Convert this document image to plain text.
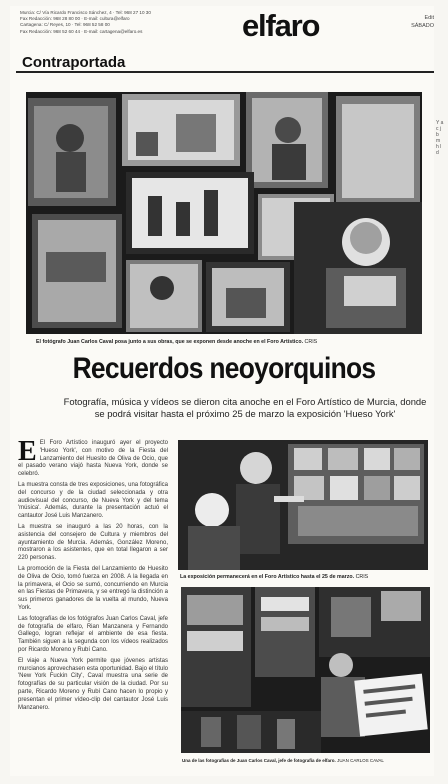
Murcia: C/ Vía Ricardo Francisco Sánchez, 4 · Tel: 968 27 10 30
Fax Redacción: 968 28 80 00 · E-mail: cultura@elfaro
Cartagena: C/ Reyes, 10 · Tel: 968 52 58 00
Fax Redacción: 968 52 60 44 · E-mail: cartagena@elfaro.es	elfaro	Edit
SÁBADO
Contraportada
El fotógrafo Juan Carlos Caval posa junto a sus obras, que se exponen desde anoche en el Foro Artístico. CRIS
Recuerdos neoyorquinos
Fotografía, música y vídeos se dieron cita anoche en el Foro Artístico de Murcia, donde se podrá visitar hasta el próximo 25 de marzo la exposición 'Hueso York'

E El Foro Artístico inauguró ayer el proyecto 'Hueso York', con motivo de la Fiesta del Lanzamiento del Huesito de Oliva de Ocio, que el pasado verano viajó hasta Nueva York, donde se celebró.

La muestra consta de tres exposiciones, una fotográfica del concurso y de la ciudad seleccionada y otra audiovisual del concurso, de Nueva York y del tema 'música'. Además, durante la presentación actuó el cantautor José Luis Manzanero.

La muestra se inauguró a las 20 horas, con la asistencia del consejero de Cultura y miembros del ayuntamiento de Murcia. Además, González Moreno, mostraron a los asistentes, que en total llegaron a ser 220 personas.

La promoción de la Fiesta del Lanzamiento de Huesito de Oliva de Ocio, tomó fuerza en 2008. A la llegada en la primavera, el Ocio se sumó, concurriendo en Murcia en las Fiestas de Primavera, y se entregó la distinción a sus primeros ganadores de la vuelta al mundo, Nueva York.

Las fotografías de los fotógrafos Juan Carlos Caval, jefe de fotografía de elfaro, Rian Manzanera y Fernando Gallego, logran reflejar el ambiente de esa fiesta. También siguen a la segunda con los vídeos realizados por Ricardo Moreno y Rubí Cano.

El viaje a Nueva York permite que jóvenes artistas murcianos aprovechasen esta oportunidad. Bajo el título 'New York Fuckin City', Caval muestra una serie de fotografías de su particular visión de la ciudad. Por su parte, Ricardo Moreno y Rubí Cano hacen lo propio y presentan el primer vídeo-clip del cantautor José Luis Manzanero.

La exposición permanecerá en el Foro Artístico hasta el 25 de marzo. CRIS
Una de las fotografías de Juan Carlos Caval, jefe de fotografía de elfaro. JUAN CARLOS CAVAL
Y a c j b m h l d
